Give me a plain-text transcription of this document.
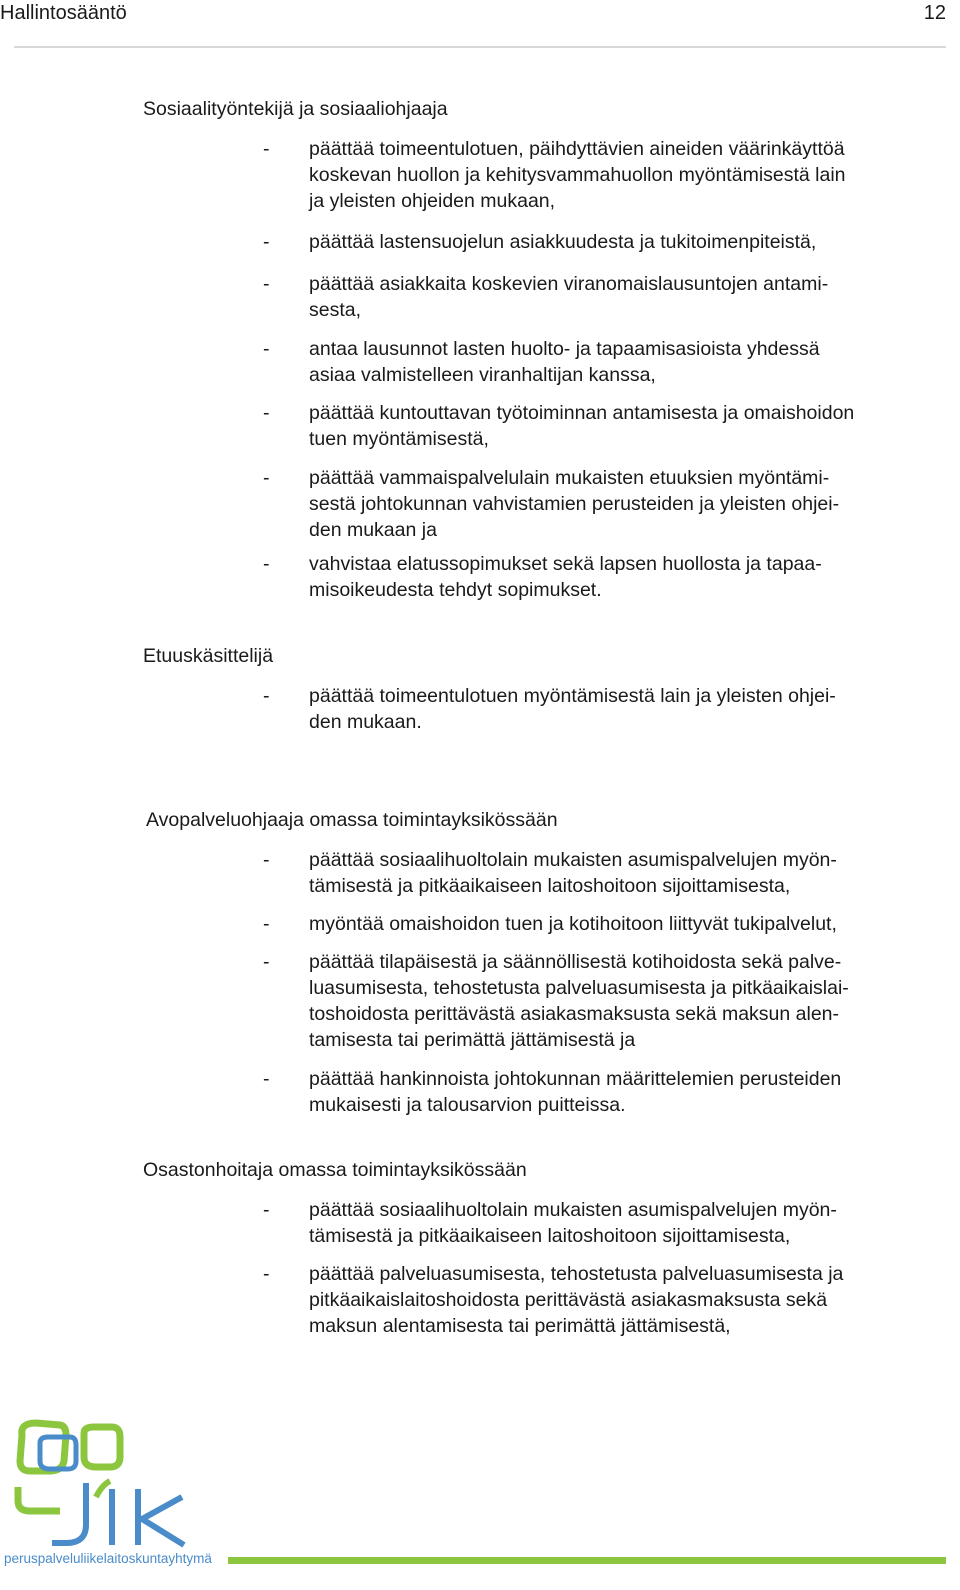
Hallintosääntö	12
Sosiaalityöntekijä ja sosiaaliohjaaja
- päättää toimeentulotuen, päihdyttävien aineiden väärinkäyttöä
koskevan huollon ja kehitysvammahuollon myöntämisestä lain
ja yleisten ohjeiden mukaan,
- päättää lastensuojelun asiakkuudesta ja tukitoimenpiteistä,
- päättää asiakkaita koskevien viranomaislausuntojen antami-
sesta,
- antaa lausunnot lasten huolto- ja tapaamisasioista yhdessä
asiaa valmistelleen viranhaltijan kanssa,
- päättää kuntouttavan työtoiminnan antamisesta ja omaishoidon
tuen myöntämisestä,
- päättää vammaispalvelulain mukaisten etuuksien myöntämi-
sestä johtokunnan vahvistamien perusteiden ja yleisten ohjei-
den mukaan ja
- vahvistaa elatussopimukset sekä lapsen huollosta ja tapaa-
misoikeudesta tehdyt sopimukset.
Etuuskäsittelijä
- päättää toimeentulotuen myöntämisestä lain ja yleisten ohjei-
den mukaan.
Avopalveluohjaaja omassa toimintayksikössään
- päättää sosiaalihuoltolain mukaisten asumispalvelujen myön-
tämisestä ja pitkäaikaiseen laitoshoitoon sijoittamisesta,
- myöntää omaishoidon tuen ja kotihoitoon liittyvät tukipalvelut,
- päättää tilapäisestä ja säännöllisestä kotihoidosta sekä palve-
luasumisesta, tehostetusta palveluasumisesta ja pitkäaikaislai-
toshoidosta perittävästä asiakasmaksusta sekä maksun alen-
tamisesta tai perimättä jättämisestä ja
- päättää hankinnoista johtokunnan määrittelemien perusteiden
mukaisesti ja talousarvion puitteissa.
Osastonhoitaja omassa toimintayksikössään
- päättää sosiaalihuoltolain mukaisten asumispalvelujen myön-
tämisestä ja pitkäaikaiseen laitoshoitoon sijoittamisesta,
- päättää palveluasumisesta, tehostetusta palveluasumisesta ja
pitkäaikaislaitoshoidosta perittävästä asiakasmaksusta sekä
maksun alentamisesta tai perimättä jättämisestä,
peruspalveluliikelaitoskuntayhtymä
